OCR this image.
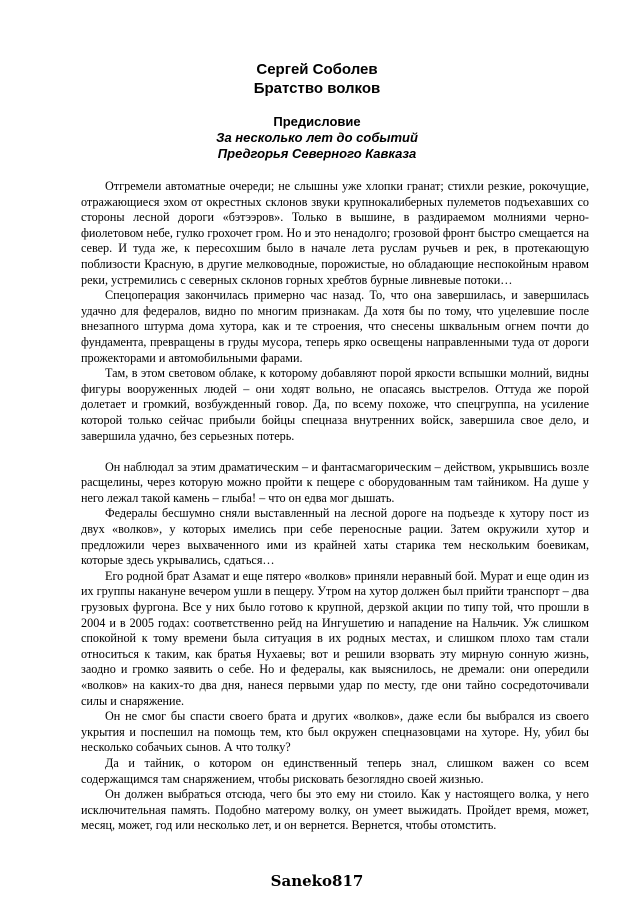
Сергей Соболев
Братство волков
Предисловие
За несколько лет до событий
Предгорья Северного Кавказа

Отгремели автоматные очереди; не слышны уже хлопки гранат; стихли резкие, рокочущие, отражающиеся эхом от окрестных склонов звуки крупнокалиберных пулеметов подъехавших со стороны лесной дороги «бэтээров». Только в вышине, в раздираемом молниями черно-фиолетовом небе, гулко грохочет гром. Но и это ненадолго; грозовой фронт быстро смещается на север. И туда же, к пересохшим было в начале лета руслам ручьев и рек, в протекающую поблизости Красную, в другие мелководные, порожистые, но обладающие неспокойным нравом реки, устремились с северных склонов горных хребтов бурные ливневые потоки…

Спецоперация закончилась примерно час назад. То, что она завершилась, и завершилась удачно для федералов, видно по многим признакам. Да хотя бы по тому, что уцелевшие после внезапного штурма дома хутора, как и те строения, что снесены шквальным огнем почти до фундамента, превращены в груды мусора, теперь ярко освещены направленными туда от дороги прожекторами и автомобильными фарами.

Там, в этом световом облаке, к которому добавляют порой яркости вспышки молний, видны фигуры вооруженных людей – они ходят вольно, не опасаясь выстрелов. Оттуда же порой долетает и громкий, возбужденный говор. Да, по всему похоже, что спецгруппа, на усиление которой только сейчас прибыли бойцы спецназа внутренних войск, завершила свое дело, и завершила удачно, без серьезных потерь.

Он наблюдал за этим драматическим – и фантасмагорическим – действом, укрывшись возле расщелины, через которую можно пройти к пещере с оборудованным там тайником. На душе у него лежал такой камень – глыба! – что он едва мог дышать.

Федералы бесшумно сняли выставленный на лесной дороге на подъезде к хутору пост из двух «волков», у которых имелись при себе переносные рации. Затем окружили хутор и предложили через выхваченного ими из крайней хаты старика тем нескольким боевикам, которые здесь укрывались, сдаться…

Его родной брат Азамат и еще пятеро «волков» приняли неравный бой. Мурат и еще один из их группы накануне вечером ушли в пещеру. Утром на хутор должен был прийти транспорт – два грузовых фургона. Все у них было готово к крупной, дерзкой акции по типу той, что прошли в 2004 и в 2005 годах: соответственно рейд на Ингушетию и нападение на Нальчик. Уж слишком спокойной к тому времени была ситуация в их родных местах, и слишком плохо там стали относиться к таким, как братья Нухаевы; вот и решили взорвать эту мирную сонную жизнь, заодно и громко заявить о себе. Но и федералы, как выяснилось, не дремали: они опередили «волков» на каких-то два дня, нанеся первыми удар по месту, где они тайно сосредоточивали силы и снаряжение.

Он не смог бы спасти своего брата и других «волков», даже если бы выбрался из своего укрытия и поспешил на помощь тем, кто был окружен спецназовцами на хуторе. Ну, убил бы несколько собачьих сынов. А что толку?

Да и тайник, о котором он единственный теперь знал, слишком важен со всем содержащимся там снаряжением, чтобы рисковать безоглядно своей жизнью.

Он должен выбраться отсюда, чего бы это ему ни стоило. Как у настоящего волка, у него исключительная память. Подобно матерому волку, он умеет выжидать. Пройдет время, может, месяц, может, год или несколько лет, и он вернется. Вернется, чтобы отомстить.

Saneko817
